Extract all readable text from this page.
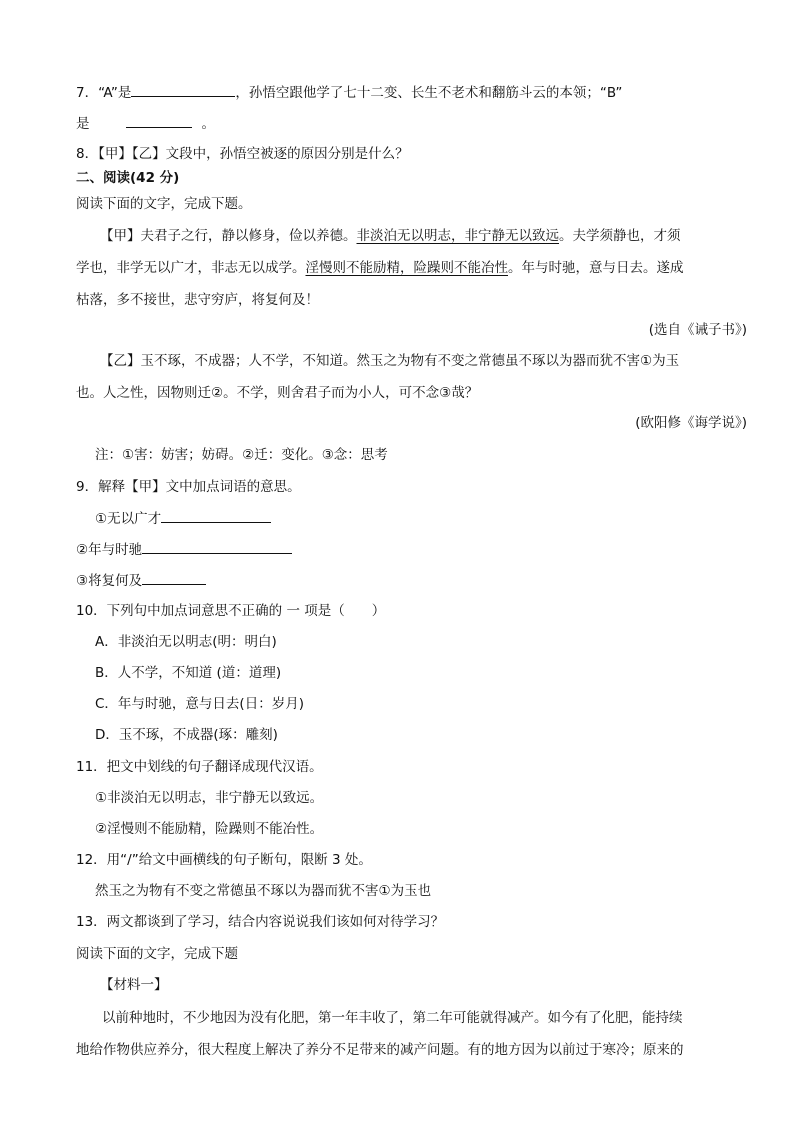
7．“A”是	，孙悟空跟他学了七十二变、长生不老术和翻筋斗云的本领；“B”
是	。
8．【甲】【乙】文段中，孙悟空被逐的原因分别是什么？
二、阅读(42 分)
阅读下面的文字，完成下题。
【甲】夫君子之行，静以修身，俭以养德。非淡泊无以明志，非宁静无以致远。夫学须静也，才须
学也，非学无以广才，非志无以成学。淫慢则不能励精，险躁则不能冶性。年与时驰，意与日去。遂成
枯落，多不接世，悲守穷庐，将复何及！
(选自《诫子书》)
【乙】玉不琢，不成器；人不学，不知道。然玉之为物有不变之常德虽不琢以为器而犹不害①为玉
也。人之性，因物则迁②。不学，则舍君子而为小人，可不念③哉？
(欧阳修《诲学说》)
注：①害：妨害；妨碍。②迁：变化。③念：思考
9．解释【甲】文中加点词语的意思。
①无以广才
②年与时驰
③将复何及
10．下列句中加点词意思不正确的 一 项是（　　）
A．非淡泊无以明志(明：明白)
B．人不学，不知道 (道：道理)
C．年与时驰，意与日去(日：岁月)
D．玉不琢，不成器(琢：雕刻)
11．把文中划线的句子翻译成现代汉语。
①非淡泊无以明志，非宁静无以致远。
②淫慢则不能励精，险躁则不能冶性。
12．用“/”给文中画横线的句子断句，限断 3 处。
然玉之为物有不变之常德虽不琢以为器而犹不害①为玉也
13．两文都谈到了学习，结合内容说说我们该如何对待学习？
阅读下面的文字，完成下题
【材料一】
以前种地时，不少地因为没有化肥，第一年丰收了，第二年可能就得减产。如今有了化肥，能持续
地给作物供应养分，很大程度上解决了养分不足带来的减产问题。有的地方因为以前过于寒冷；原来的
